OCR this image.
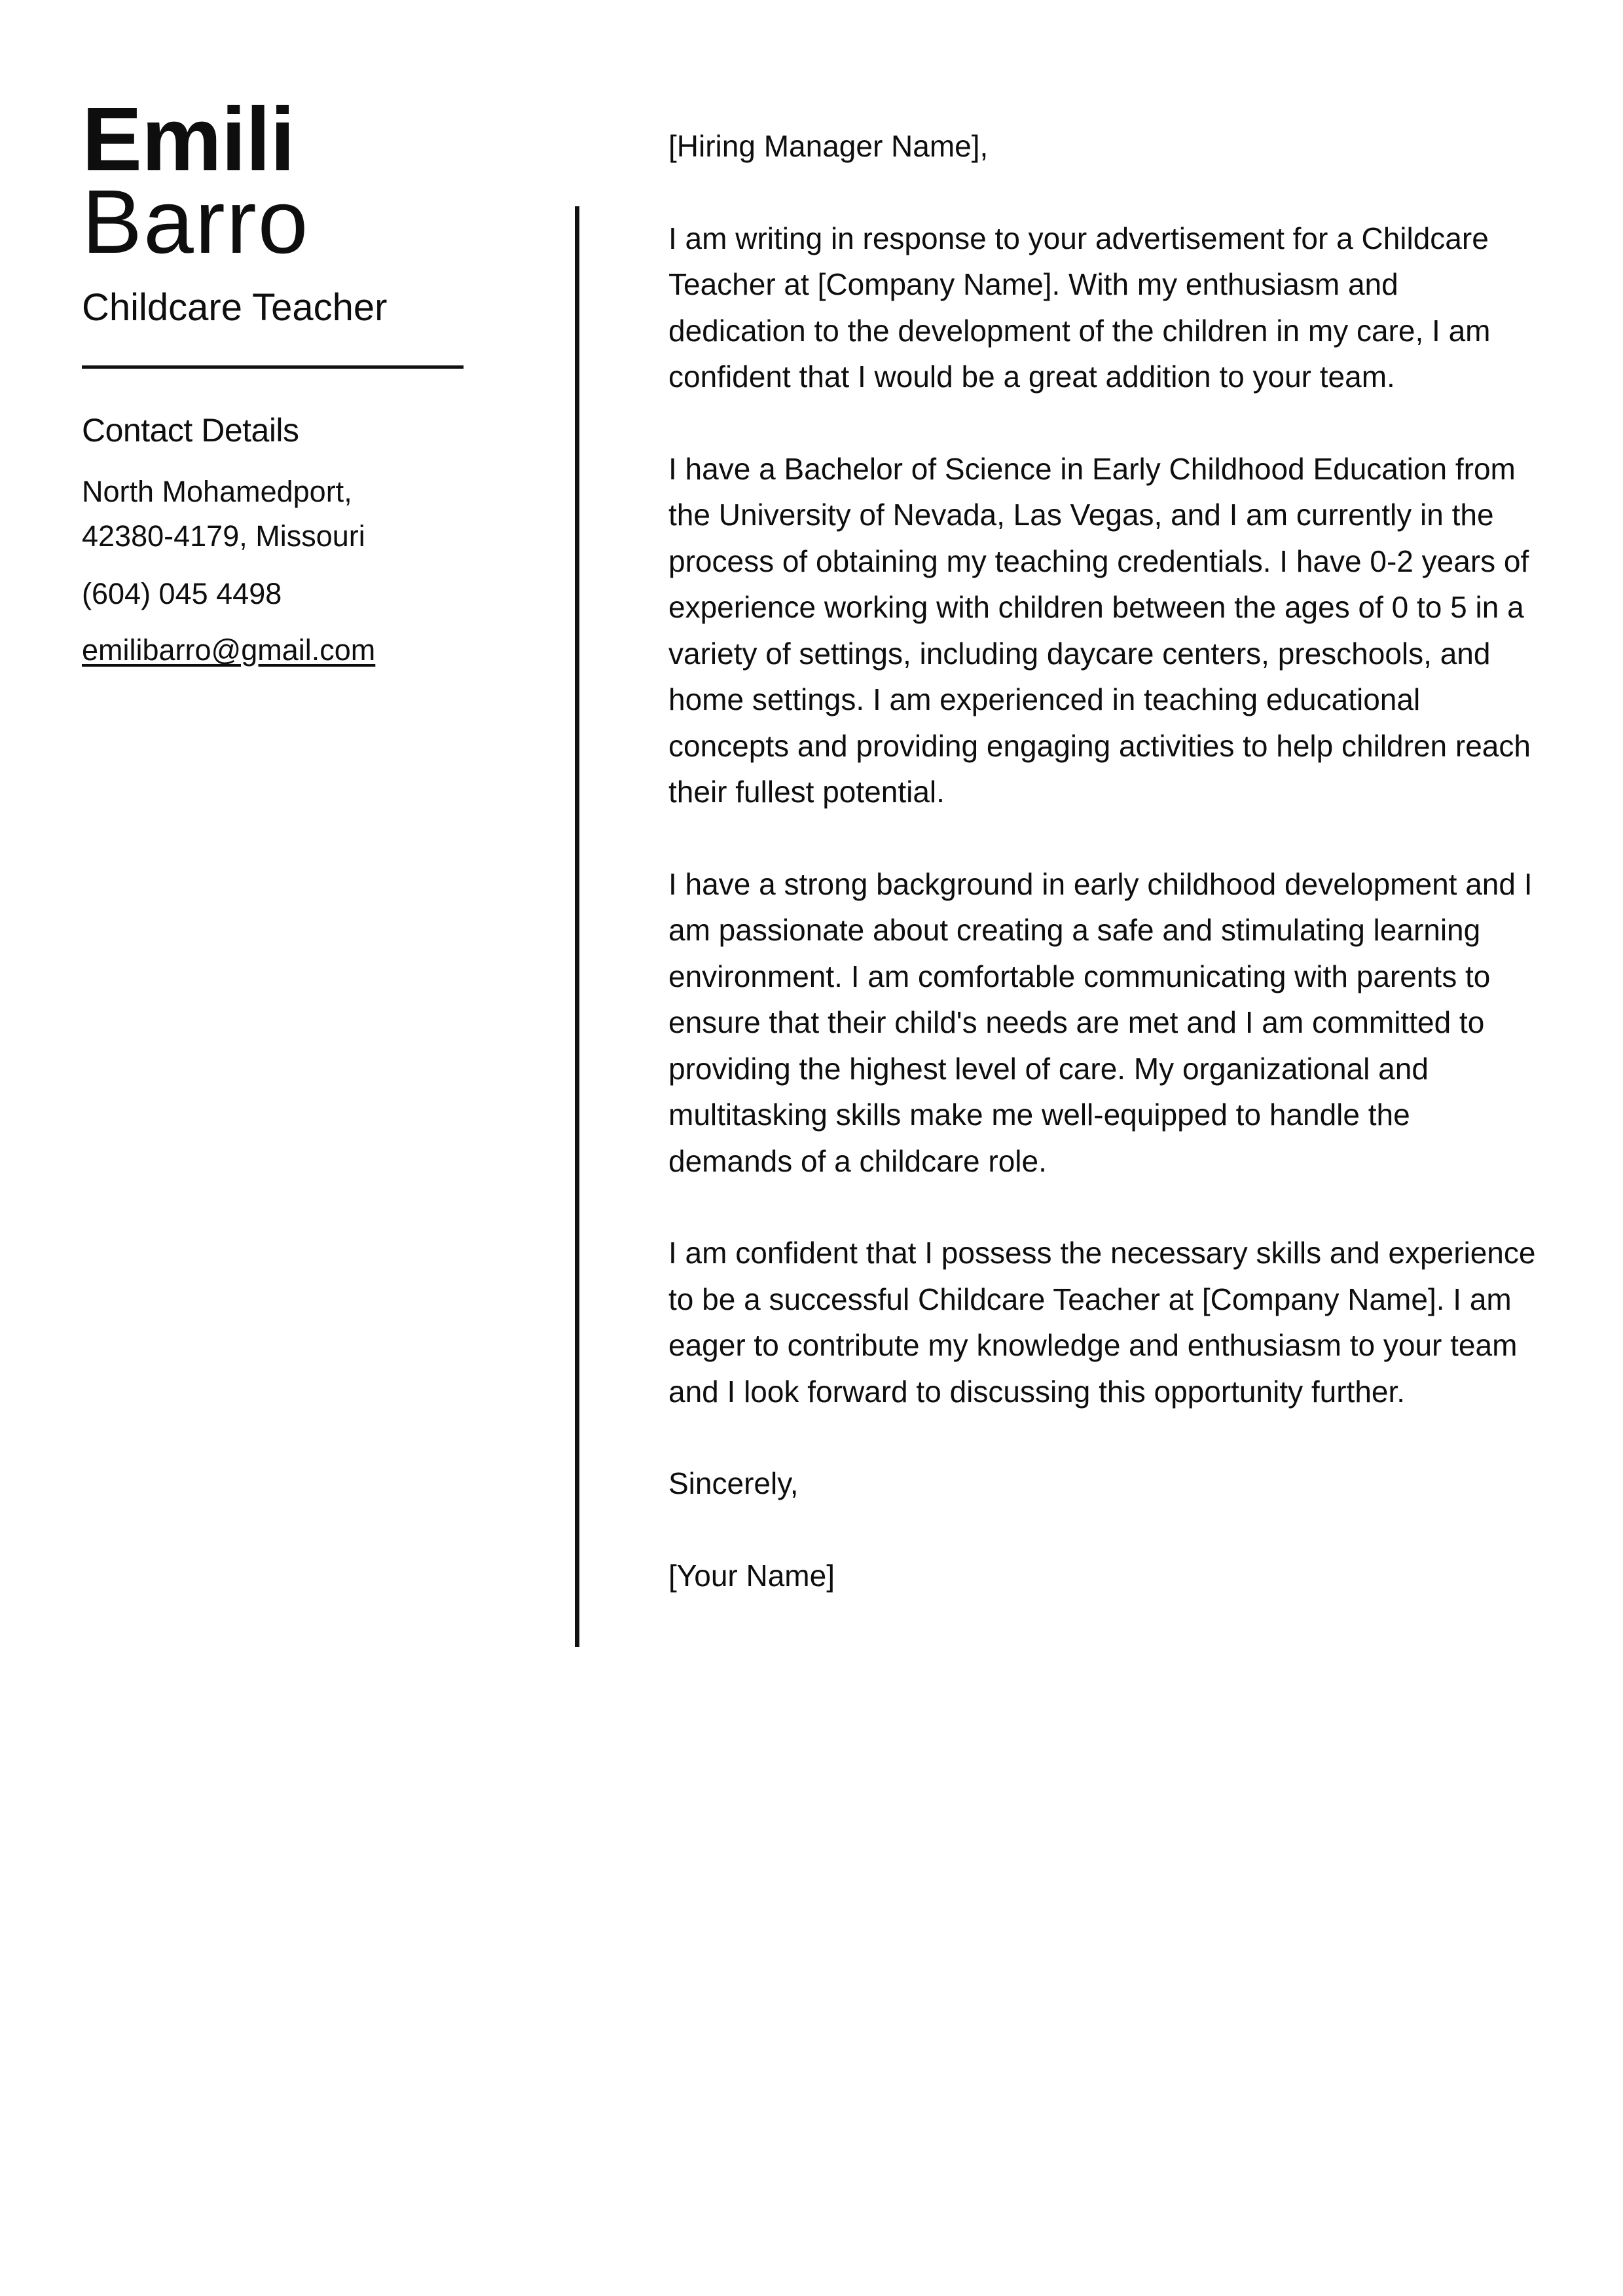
Emili
Barro
Childcare Teacher
Contact Details
North Mohamedport,
42380-4179, Missouri
(604) 045 4498
emilibarro@gmail.com

[Hiring Manager Name],

I am writing in response to your advertisement for a Childcare Teacher at [Company Name]. With my enthusiasm and dedication to the development of the children in my care, I am confident that I would be a great addition to your team.

I have a Bachelor of Science in Early Childhood Education from the University of Nevada, Las Vegas, and I am currently in the process of obtaining my teaching credentials. I have 0-2 years of experience working with children between the ages of 0 to 5 in a variety of settings, including daycare centers, preschools, and home settings. I am experienced in teaching educational concepts and providing engaging activities to help children reach their fullest potential.

I have a strong background in early childhood development and I am passionate about creating a safe and stimulating learning environment. I am comfortable communicating with parents to ensure that their child's needs are met and I am committed to providing the highest level of care. My organizational and multitasking skills make me well-equipped to handle the demands of a childcare role.

I am confident that I possess the necessary skills and experience to be a successful Childcare Teacher at [Company Name]. I am eager to contribute my knowledge and enthusiasm to your team and I look forward to discussing this opportunity further.

Sincerely,

[Your Name]
